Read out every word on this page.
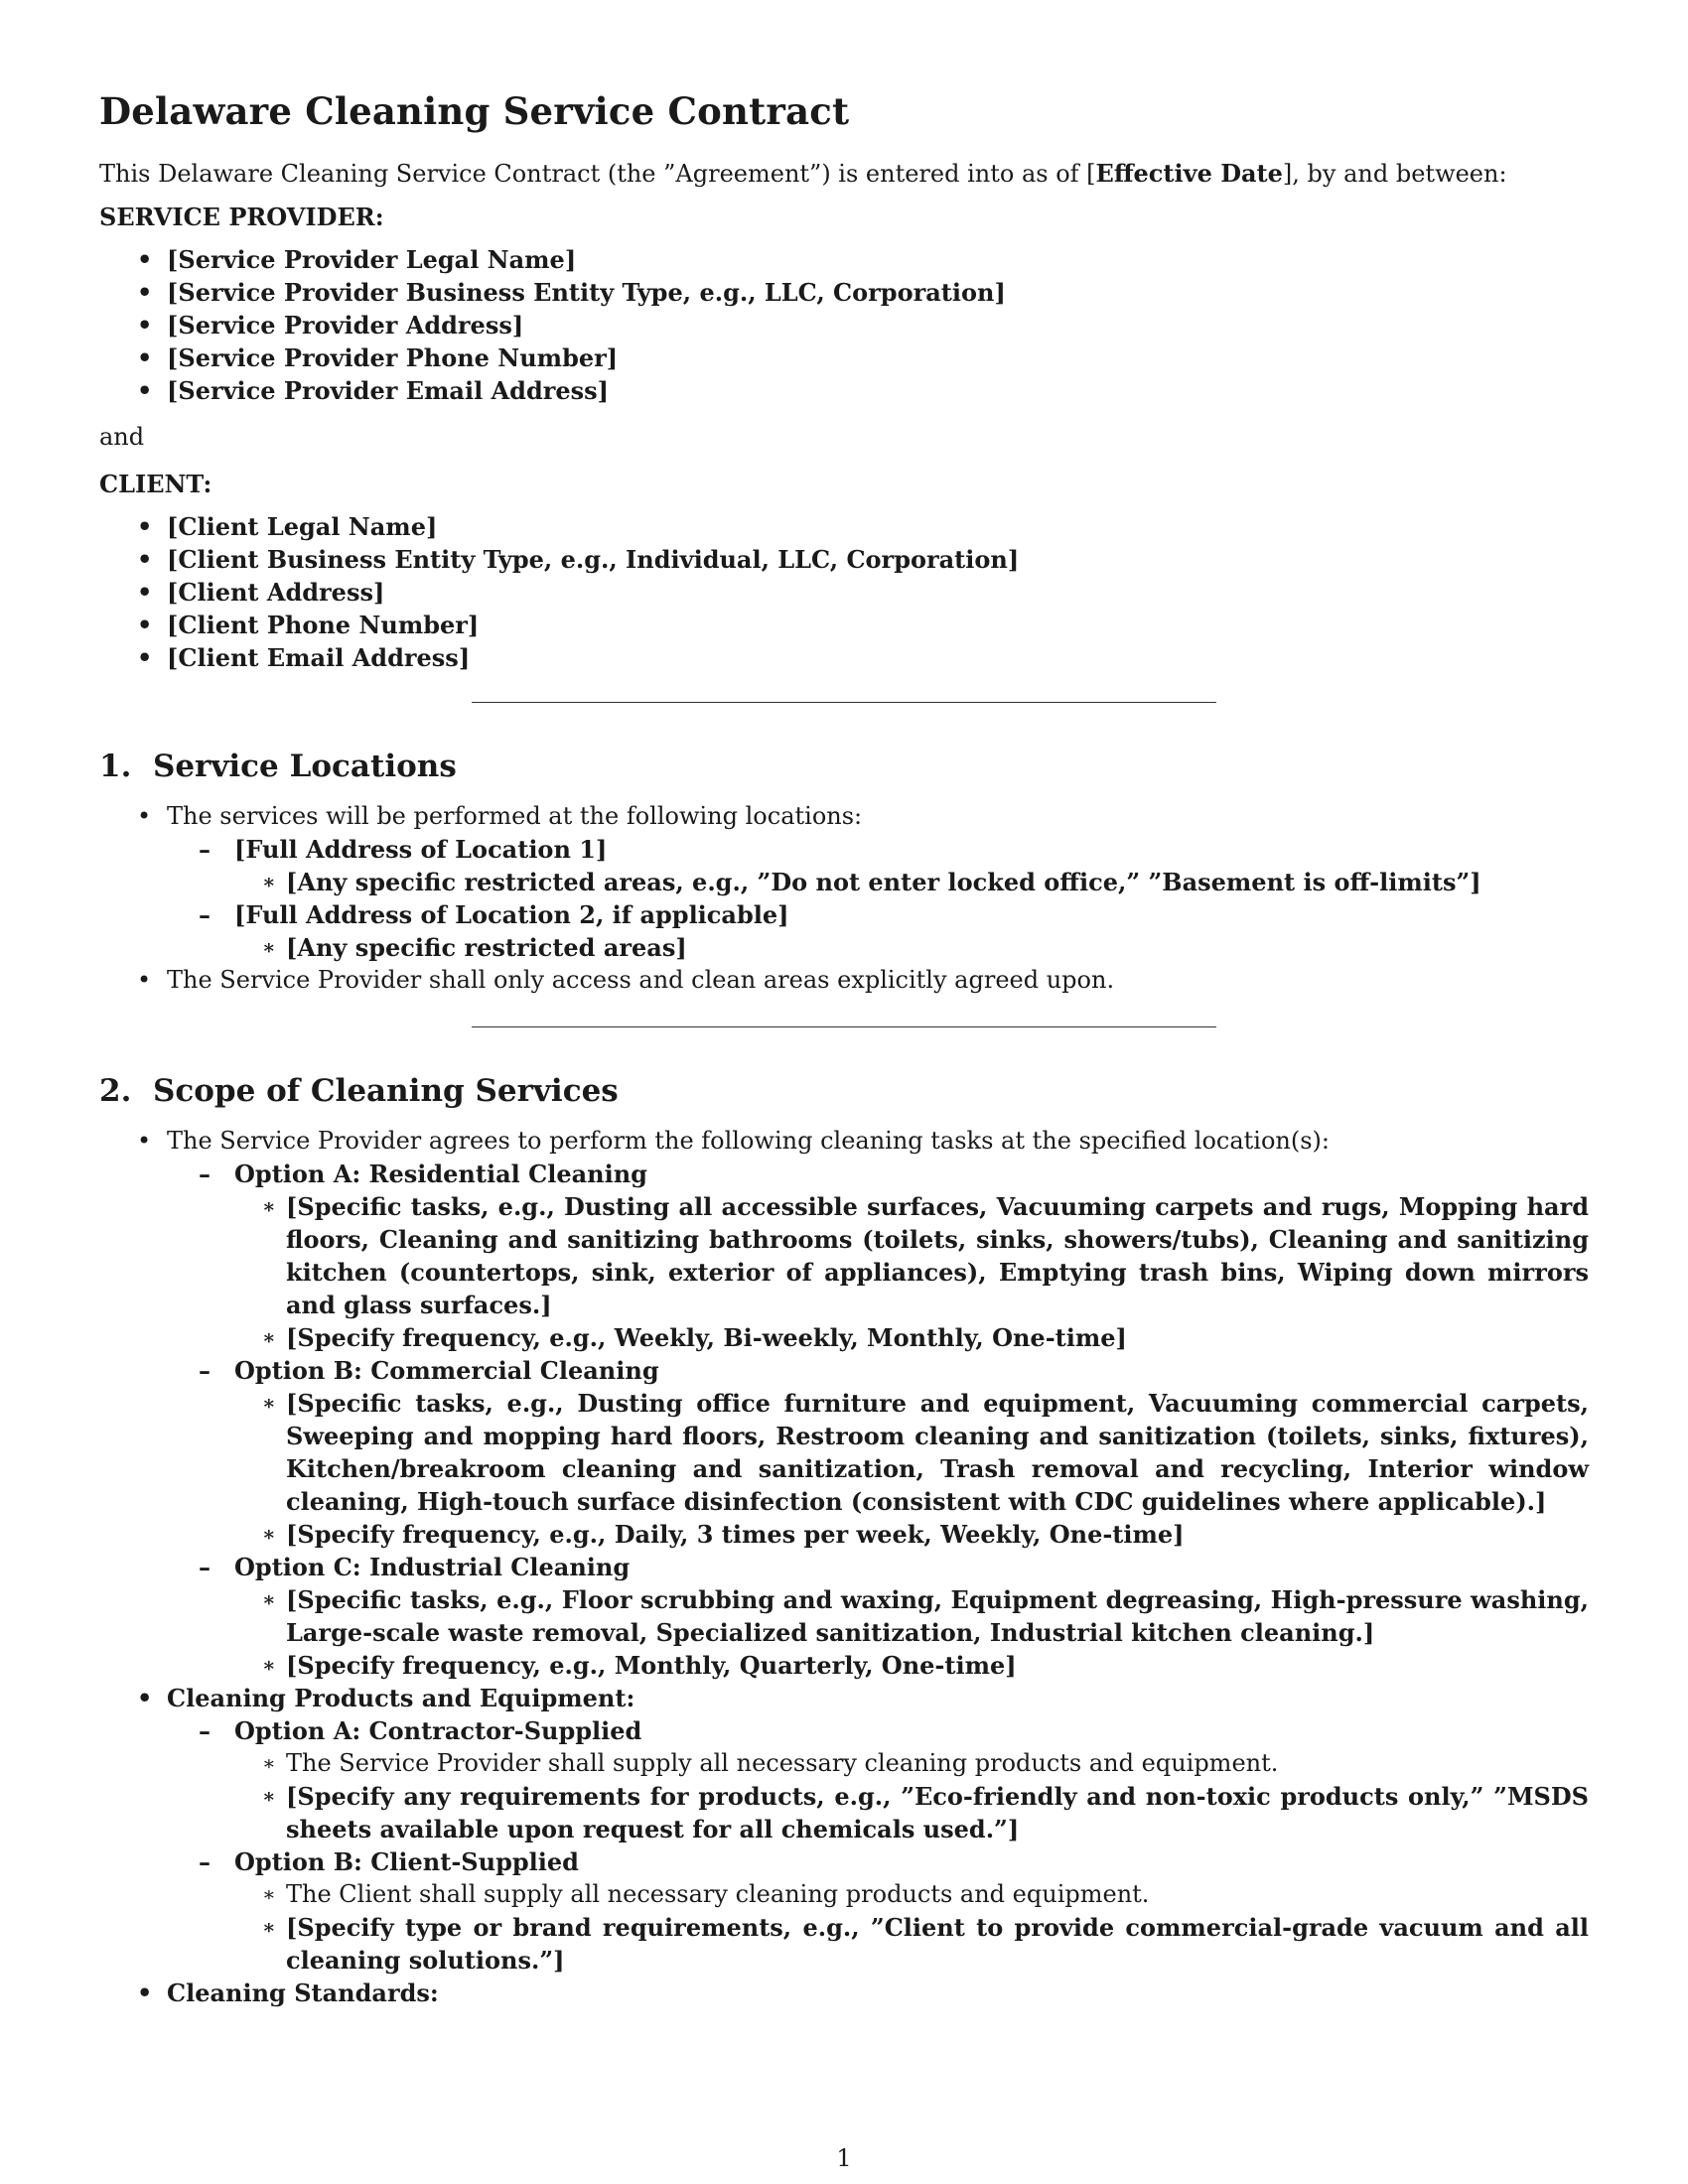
Delaware Cleaning Service Contract

This Delaware Cleaning Service Contract (the ”Agreement”) is entered into as of [Effective Date], by and between:

SERVICE PROVIDER:
• [Service Provider Legal Name]
• [Service Provider Business Entity Type, e.g., LLC, Corporation]
• [Service Provider Address]
• [Service Provider Phone Number]
• [Service Provider Email Address]

and

CLIENT:
• [Client Legal Name]
• [Client Business Entity Type, e.g., Individual, LLC, Corporation]
• [Client Address]
• [Client Phone Number]
• [Client Email Address]
1.  Service Locations
• The services will be performed at the following locations:
– [Full Address of Location 1]
∗ [Any specific restricted areas, e.g., ”Do not enter locked office,” ”Basement is off-limits”]
– [Full Address of Location 2, if applicable]
∗ [Any specific restricted areas]
• The Service Provider shall only access and clean areas explicitly agreed upon.
2.  Scope of Cleaning Services
• The Service Provider agrees to perform the following cleaning tasks at the specified location(s):
– Option A: Residential Cleaning
∗ [Specific tasks, e.g., Dusting all accessible surfaces, Vacuuming carpets and rugs, Mopping hard floors, Cleaning and sanitizing bathrooms (toilets, sinks, showers/tubs), Cleaning and sanitizing kitchen (countertops, sink, exterior of appliances), Emptying trash bins, Wiping down mirrors and glass surfaces.]
∗ [Specify frequency, e.g., Weekly, Bi-weekly, Monthly, One-time]
– Option B: Commercial Cleaning
∗ [Specific tasks, e.g., Dusting office furniture and equipment, Vacuuming commercial carpets, Sweeping and mopping hard floors, Restroom cleaning and sanitization (toilets, sinks, fixtures), Kitchen/breakroom cleaning and sanitization, Trash removal and recycling, Interior window cleaning, High-touch surface disinfection (consistent with CDC guidelines where applicable).]
∗ [Specify frequency, e.g., Daily, 3 times per week, Weekly, One-time]
– Option C: Industrial Cleaning
∗ [Specific tasks, e.g., Floor scrubbing and waxing, Equipment degreasing, High-pressure washing, Large-scale waste removal, Specialized sanitization, Industrial kitchen cleaning.]
∗ [Specify frequency, e.g., Monthly, Quarterly, One-time]
• Cleaning Products and Equipment:
– Option A: Contractor-Supplied
∗ The Service Provider shall supply all necessary cleaning products and equipment.
∗ [Specify any requirements for products, e.g., ”Eco-friendly and non-toxic products only,” ”MSDS sheets available upon request for all chemicals used.”]
– Option B: Client-Supplied
∗ The Client shall supply all necessary cleaning products and equipment.
∗ [Specify type or brand requirements, e.g., ”Client to provide commercial-grade vacuum and all cleaning solutions.”]
• Cleaning Standards:
1
